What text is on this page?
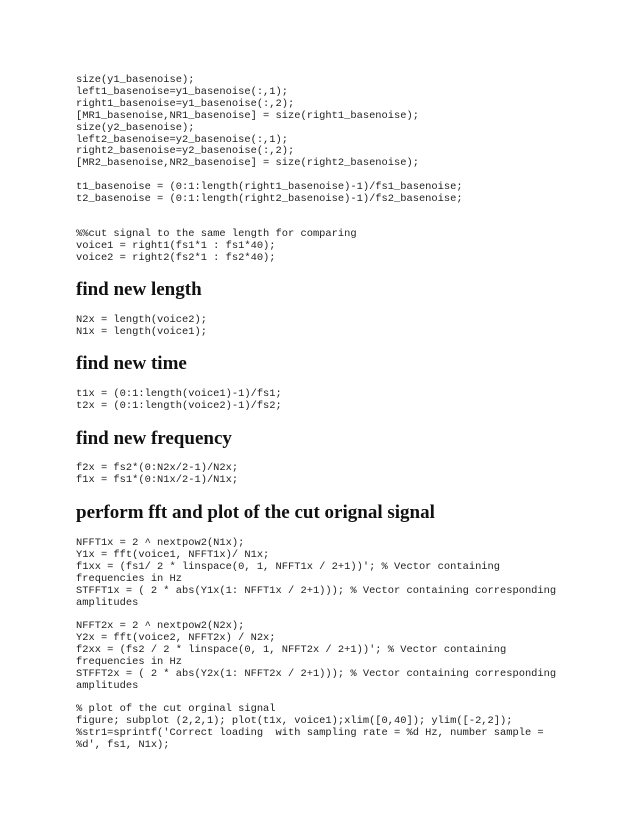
size(y1_basenoise);
left1_basenoise=y1_basenoise(:,1);
right1_basenoise=y1_basenoise(:,2);
[MR1_basenoise,NR1_basenoise] = size(right1_basenoise);
size(y2_basenoise);
left2_basenoise=y2_basenoise(:,1);
right2_basenoise=y2_basenoise(:,2);
[MR2_basenoise,NR2_basenoise] = size(right2_basenoise);
t1_basenoise = (0:1:length(right1_basenoise)-1)/fs1_basenoise;
t2_basenoise = (0:1:length(right2_basenoise)-1)/fs2_basenoise;
%%cut signal to the same length for comparing
voice1 = right1(fs1*1 : fs1*40);
voice2 = right2(fs2*1 : fs2*40);
find new length
N2x = length(voice2);
N1x = length(voice1);
find new time
t1x = (0:1:length(voice1)-1)/fs1;
t2x = (0:1:length(voice2)-1)/fs2;
find new frequency
f2x = fs2*(0:N2x/2-1)/N2x;
f1x = fs1*(0:N1x/2-1)/N1x;
perform fft and plot of the cut orignal signal
NFFT1x = 2 ^ nextpow2(N1x);
Y1x = fft(voice1, NFFT1x)/ N1x;
f1xx = (fs1/ 2 * linspace(0, 1, NFFT1x / 2+1))'; % Vector containing
frequencies in Hz
STFFT1x = ( 2 * abs(Y1x(1: NFFT1x / 2+1))); % Vector containing corresponding
amplitudes
NFFT2x = 2 ^ nextpow2(N2x);
Y2x = fft(voice2, NFFT2x) / N2x;
f2xx = (fs2 / 2 * linspace(0, 1, NFFT2x / 2+1))'; % Vector containing
frequencies in Hz
STFFT2x = ( 2 * abs(Y2x(1: NFFT2x / 2+1))); % Vector containing corresponding
amplitudes
% plot of the cut orginal signal
figure; subplot (2,2,1); plot(t1x, voice1);xlim([0,40]); ylim([-2,2]);
%str1=sprintf('Correct loading  with sampling rate = %d Hz, number sample =
%d', fs1, N1x);
